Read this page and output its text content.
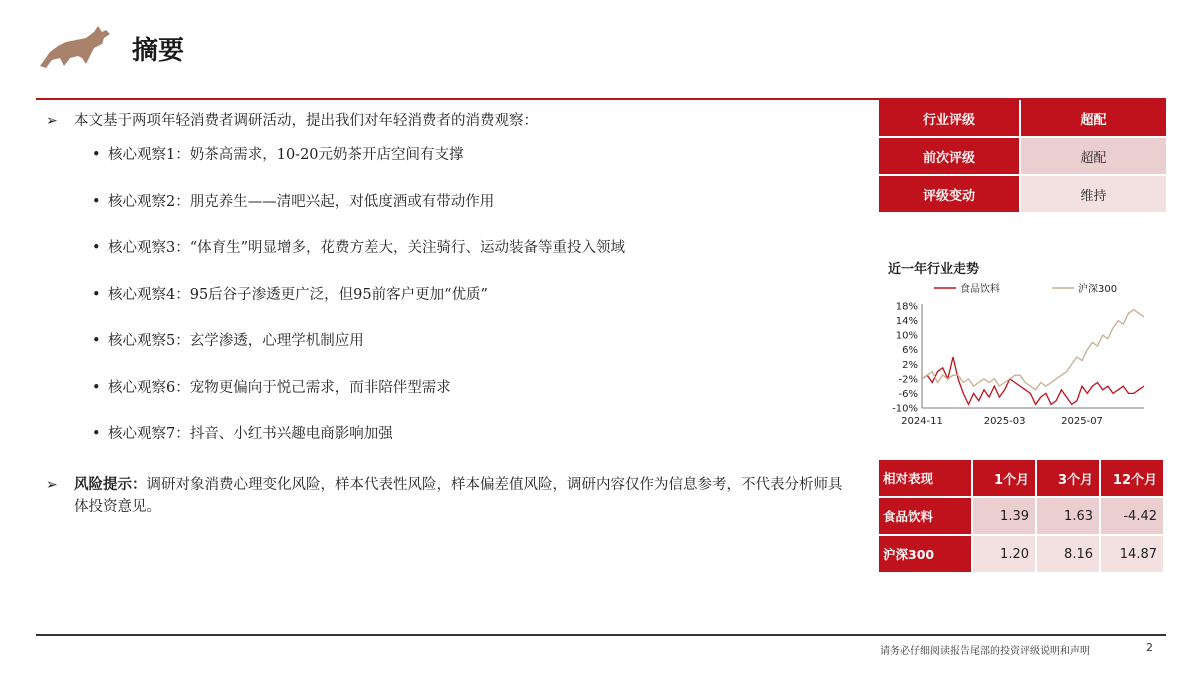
摘要
➢ 本文基于两项年轻消费者调研活动，提出我们对年轻消费者的消费观察：
• 核心观察1：奶茶高需求，10-20元奶茶开店空间有支撑
• 核心观察2：朋克养生——清吧兴起，对低度酒或有带动作用
• 核心观察3：“体育生”明显增多，花费方差大，关注骑行、运动装备等重投入领域
• 核心观察4：95后谷子渗透更广泛，但95前客户更加“优质”
• 核心观察5：玄学渗透，心理学机制应用
• 核心观察6：宠物更偏向于悦己需求，而非陪伴型需求
• 核心观察7：抖音、小红书兴趣电商影响加强
➢ 风险提示：调研对象消费心理变化风险，样本代表性风险，样本偏差值风险，调研内容仅作为信息参考，不代表分析师具体投资意见。
行业评级	超配
前次评级	超配
评级变动	维持
近一年行业走势
食品饮料	沪深300
18%
14%
10%
6%
2%
-2%
-6%
-10%
2024-11	2025-03	2025-07
相对表现	1个月	3个月	12个月
食品饮料	1.39	1.63	-4.42
沪深300	1.20	8.16	14.87
请务必仔细阅读报告尾部的投资评级说明和声明	2
